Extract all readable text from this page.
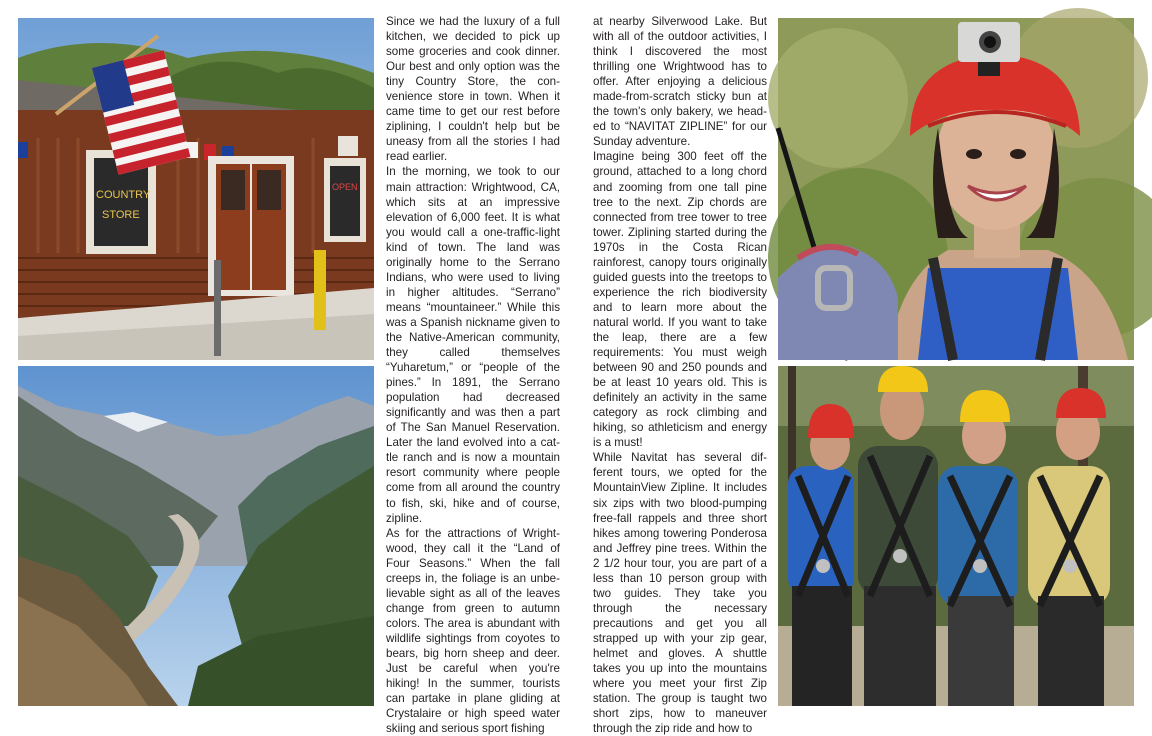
COUNTRY
STORE
OPEN

Since we had the luxury of a full kitchen, we decided to pick up some groceries and cook dinner. Our best and only option was the tiny Country Store, the convenience store in town. When it came time to get our rest before ziplining, I couldn't help but be uneasy from all the stories I had read earlier.

In the morning, we took to our main attraction: Wrightwood, CA, which sits at an impressive elevation of 6,000 feet. It is what you would call a one-traffic-light kind of town. The land was originally home to the Serrano Indians, who were used to living in higher altitudes. “Serrano” means “mountaineer.” While this was a Spanish nickname given to the Native-American community, they called themselves “Yuharetum,” or “people of the pines.” In 1891, the Serrano population had decreased significantly and was then a part of The San Manuel Reservation. Later the land evolved into a cattle ranch and is now a mountain resort community where people come from all around the country to fish, ski, hike and of course, zipline.

As for the attractions of Wrightwood, they call it the “Land of Four Seasons.” When the fall creeps in, the foliage is an unbelievable sight as all of the leaves change from green to autumn colors. The area is abundant with wildlife sightings from coyotes to bears, big horn sheep and deer. Just be careful when you're hiking! In the summer, tourists can partake in plane gliding at Crystalaire or high speed water skiing and serious sport fishing

at nearby Silverwood Lake. But with all of the outdoor activities, I think I discovered the most thrilling one Wrightwood has to offer. After enjoying a delicious made-from-scratch sticky bun at the town's only bakery, we headed to “NAVITAT ZIPLINE” for our Sunday adventure.

Imagine being 300 feet off the ground, attached to a long chord and zooming from one tall pine tree to the next. Zip chords are connected from tree tower to tree tower. Ziplining started during the 1970s in the Costa Rican rainforest, canopy tours originally guided guests into the treetops to experience the rich biodiversity and to learn more about the natural world. If you want to take the leap, there are a few requirements: You must weigh between 90 and 250 pounds and be at least 10 years old. This is definitely an activity in the same category as rock climbing and hiking, so athleticism and energy is a must!

While Navitat has several different tours, we opted for the MountainView Zipline. It includes six zips with two blood-pumping free-fall rappels and three short hikes among towering Ponderosa and Jeffrey pine trees. Within the 2 1/2 hour tour, you are part of a less than 10 person group with two guides. They take you through the necessary precautions and get you all strapped up with your zip gear, helmet and gloves. A shuttle takes you up into the mountains where you meet your first Zip station. The group is taught two short zips, how to maneuver through the zip ride and how to
